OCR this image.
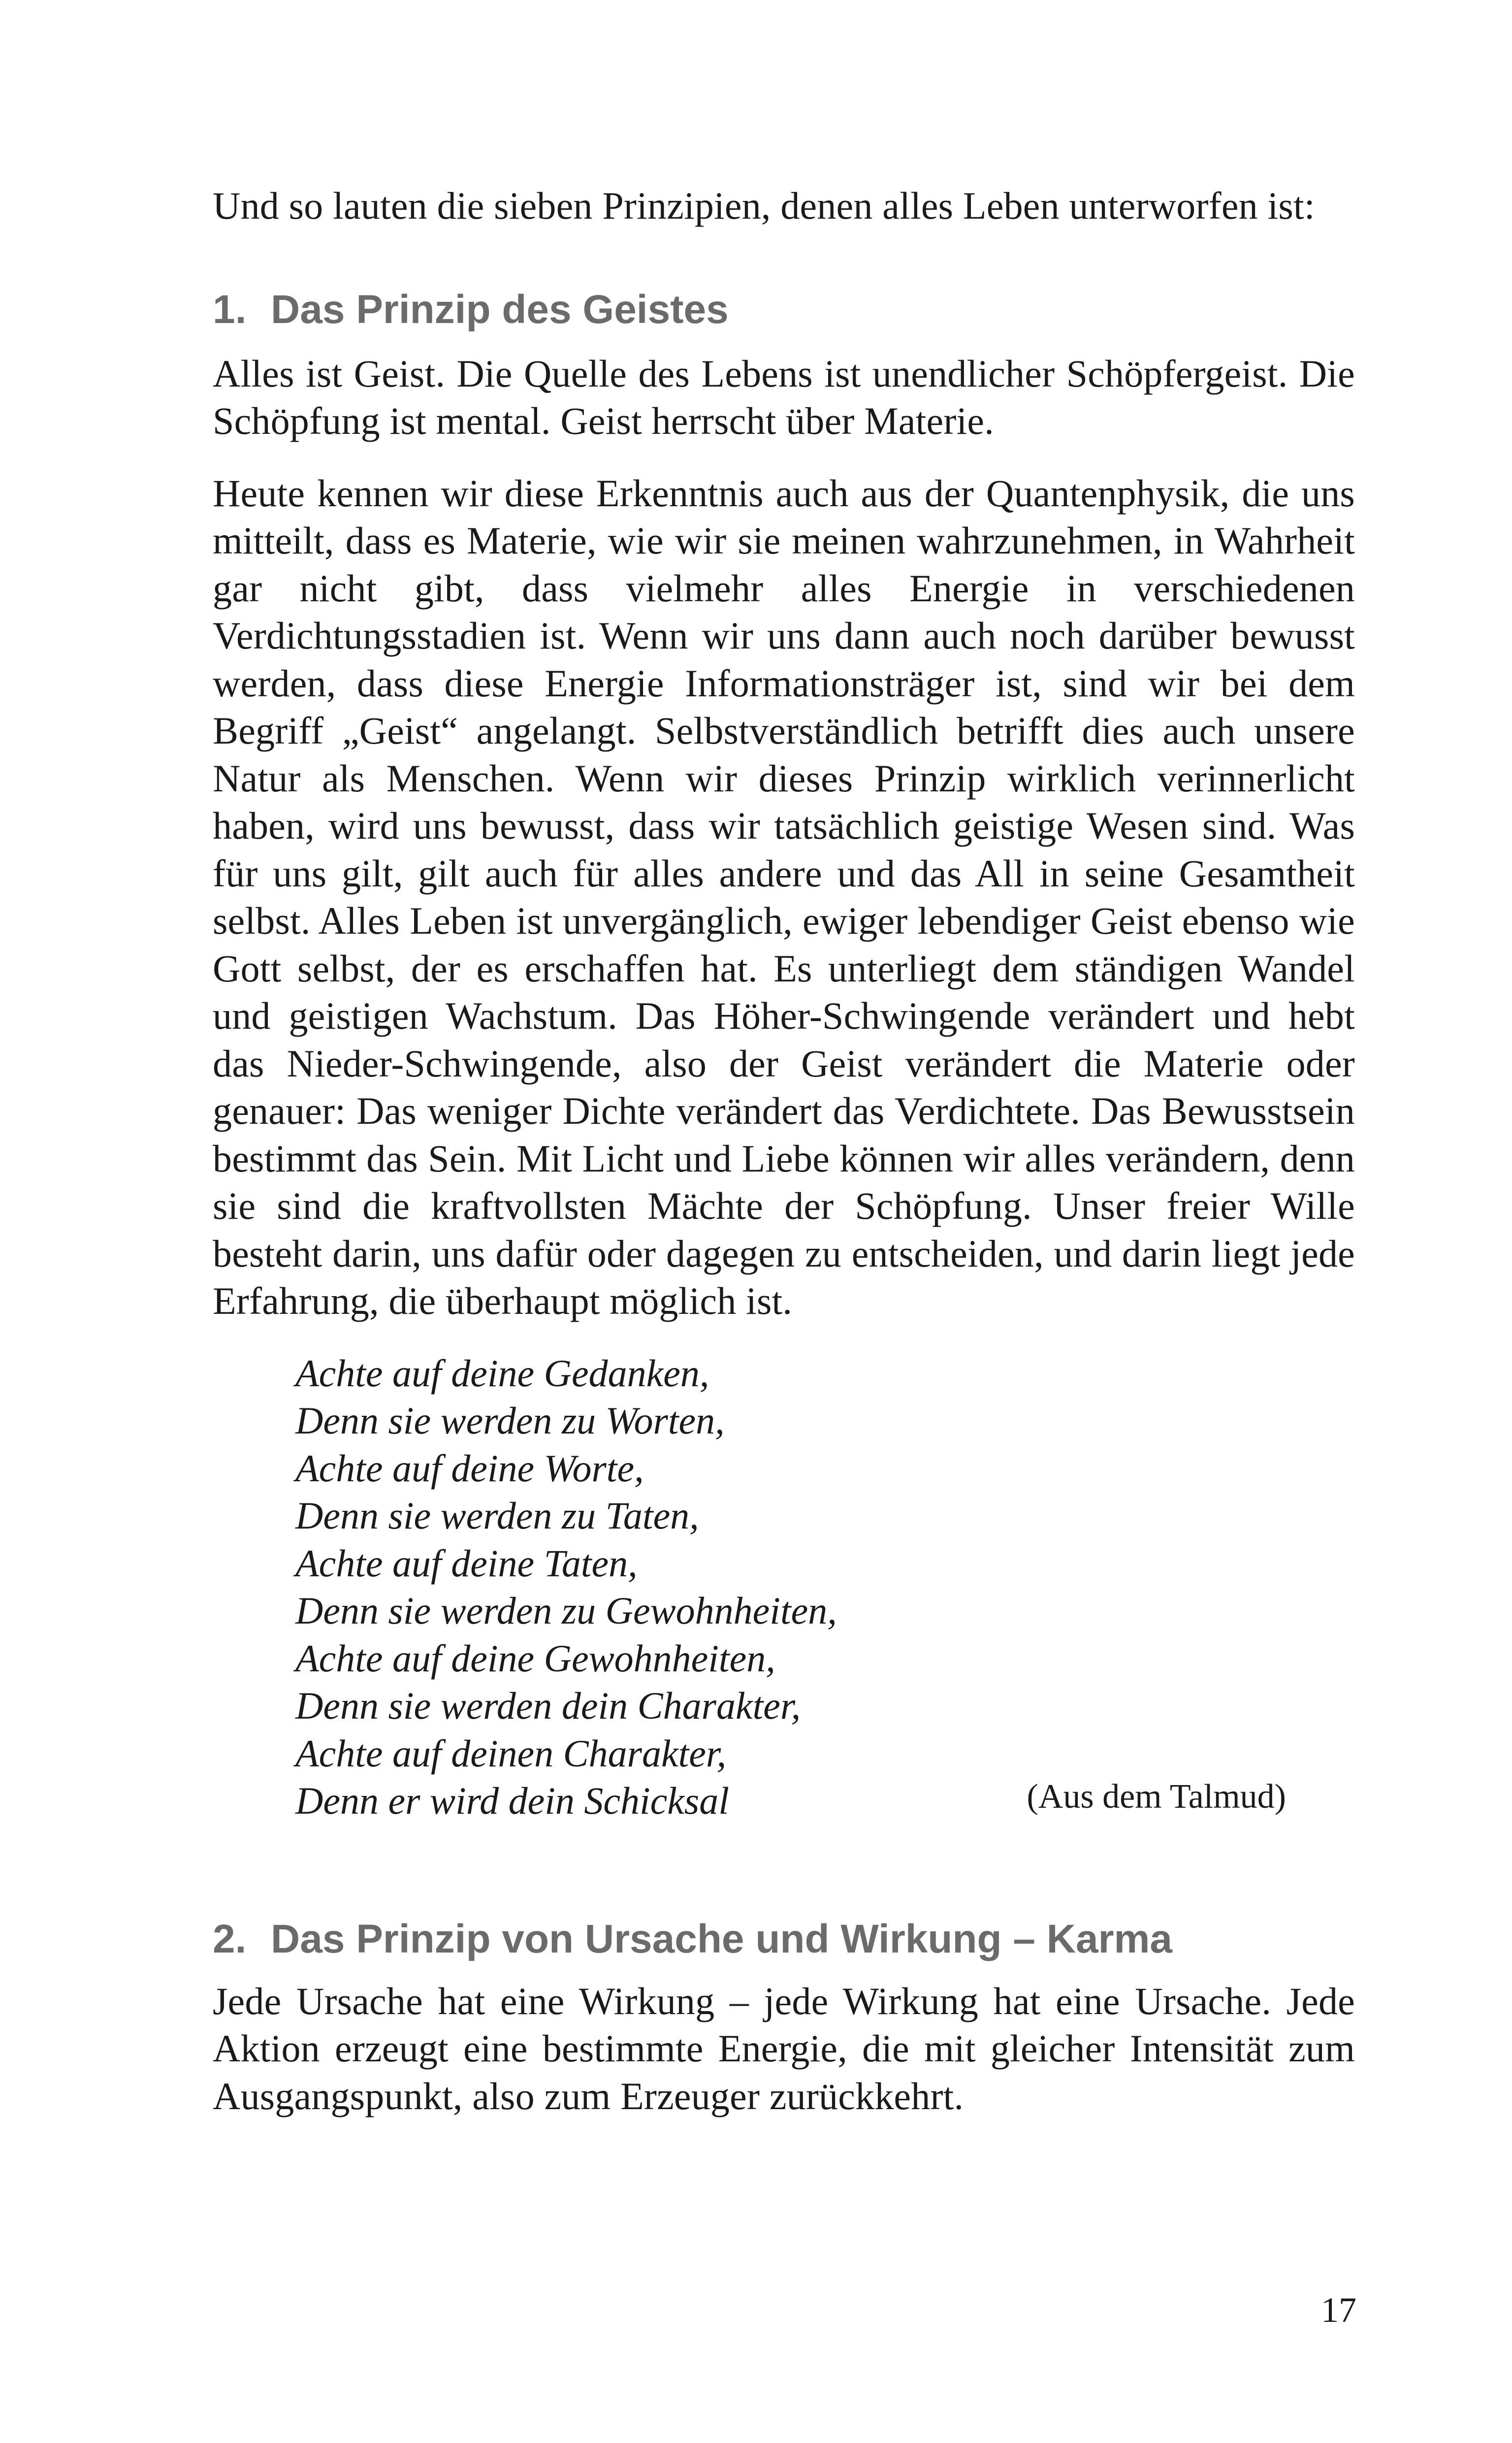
Und so lauten die sieben Prinzipien, denen alles Leben unterworfen ist:

1. Das Prinzip des Geistes

Alles ist Geist. Die Quelle des Lebens ist unendlicher Schöpfergeist. Die Schöpfung ist mental. Geist herrscht über Materie.

Heute kennen wir diese Erkenntnis auch aus der Quantenphysik, die uns mitteilt, dass es Materie, wie wir sie meinen wahrzunehmen, in Wahrheit gar nicht gibt, dass vielmehr alles Energie in verschiedenen Verdichtungsstadien ist. Wenn wir uns dann auch noch darüber bewusst werden, dass diese Energie Informationsträger ist, sind wir bei dem Begriff „Geist“ angelangt. Selbstverständlich betrifft dies auch unsere Natur als Menschen. Wenn wir dieses Prinzip wirklich verinnerlicht haben, wird uns bewusst, dass wir tatsächlich geistige Wesen sind. Was für uns gilt, gilt auch für alles andere und das All in seine Gesamtheit selbst. Alles Leben ist unvergänglich, ewiger lebendiger Geist ebenso wie Gott selbst, der es erschaffen hat. Es unterliegt dem ständigen Wandel und geistigen Wachstum. Das Höher-Schwingende verändert und hebt das Nieder-Schwingende, also der Geist verändert die Materie oder genauer: Das weniger Dichte verändert das Verdichtete. Das Bewusstsein bestimmt das Sein. Mit Licht und Liebe können wir alles verändern, denn sie sind die kraftvollsten Mächte der Schöpfung. Unser freier Wille besteht darin, uns dafür oder dagegen zu entscheiden, und darin liegt jede Erfahrung, die überhaupt möglich ist.

Achte auf deine Gedanken,
Denn sie werden zu Worten,
Achte auf deine Worte,
Denn sie werden zu Taten,
Achte auf deine Taten,
Denn sie werden zu Gewohnheiten,
Achte auf deine Gewohnheiten,
Denn sie werden dein Charakter,
Achte auf deinen Charakter,
Denn er wird dein Schicksal	(Aus dem Talmud)
2. Das Prinzip von Ursache und Wirkung – Karma

Jede Ursache hat eine Wirkung – jede Wirkung hat eine Ursache. Jede Aktion erzeugt eine bestimmte Energie, die mit gleicher Intensität zum Ausgangspunkt, also zum Erzeuger zurückkehrt.

17
